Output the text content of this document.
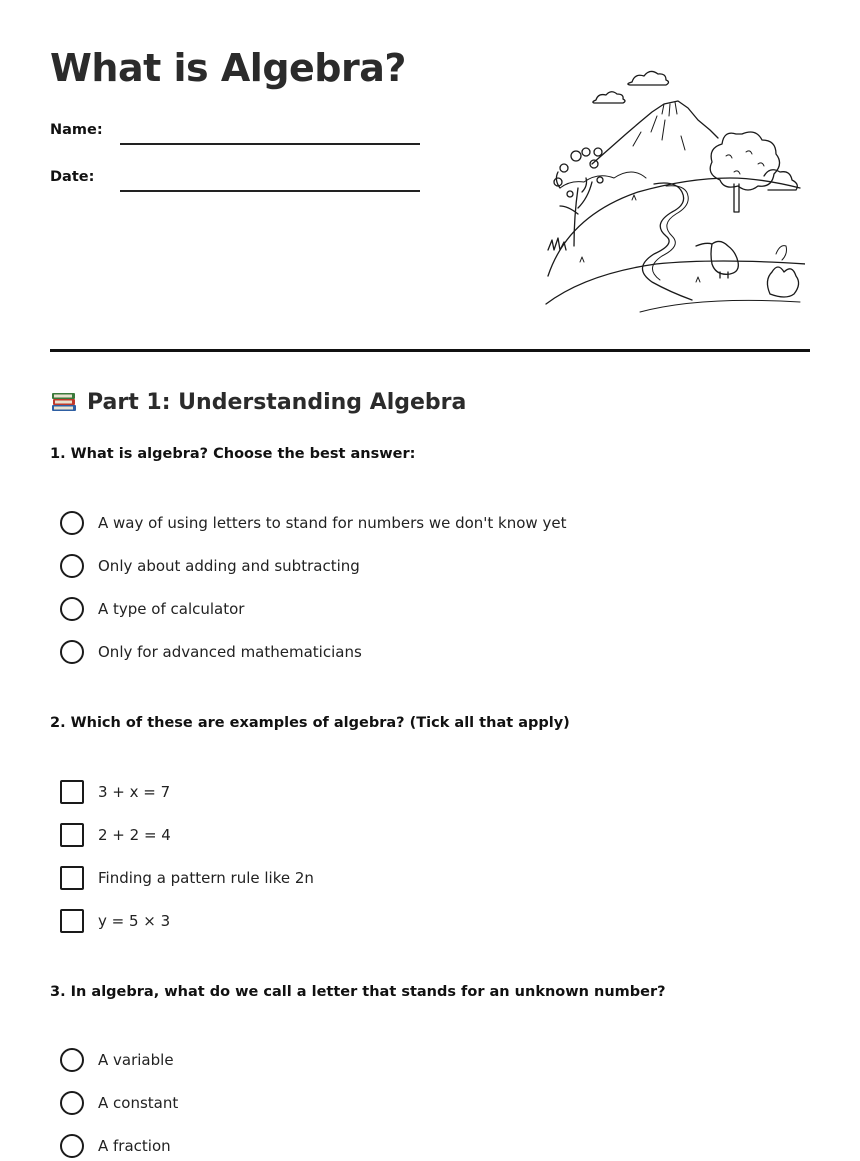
What is Algebra?
Name:
Date:
Part 1: Understanding Algebra

1. What is algebra? Choose the best answer:

A way of using letters to stand for numbers we don't know yet
Only about adding and subtracting
A type of calculator
Only for advanced mathematicians

2. Which of these are examples of algebra? (Tick all that apply)

3 + x = 7
2 + 2 = 4
Finding a pattern rule like 2n
y = 5 × 3

3. In algebra, what do we call a letter that stands for an unknown number?

A variable
A constant
A fraction
